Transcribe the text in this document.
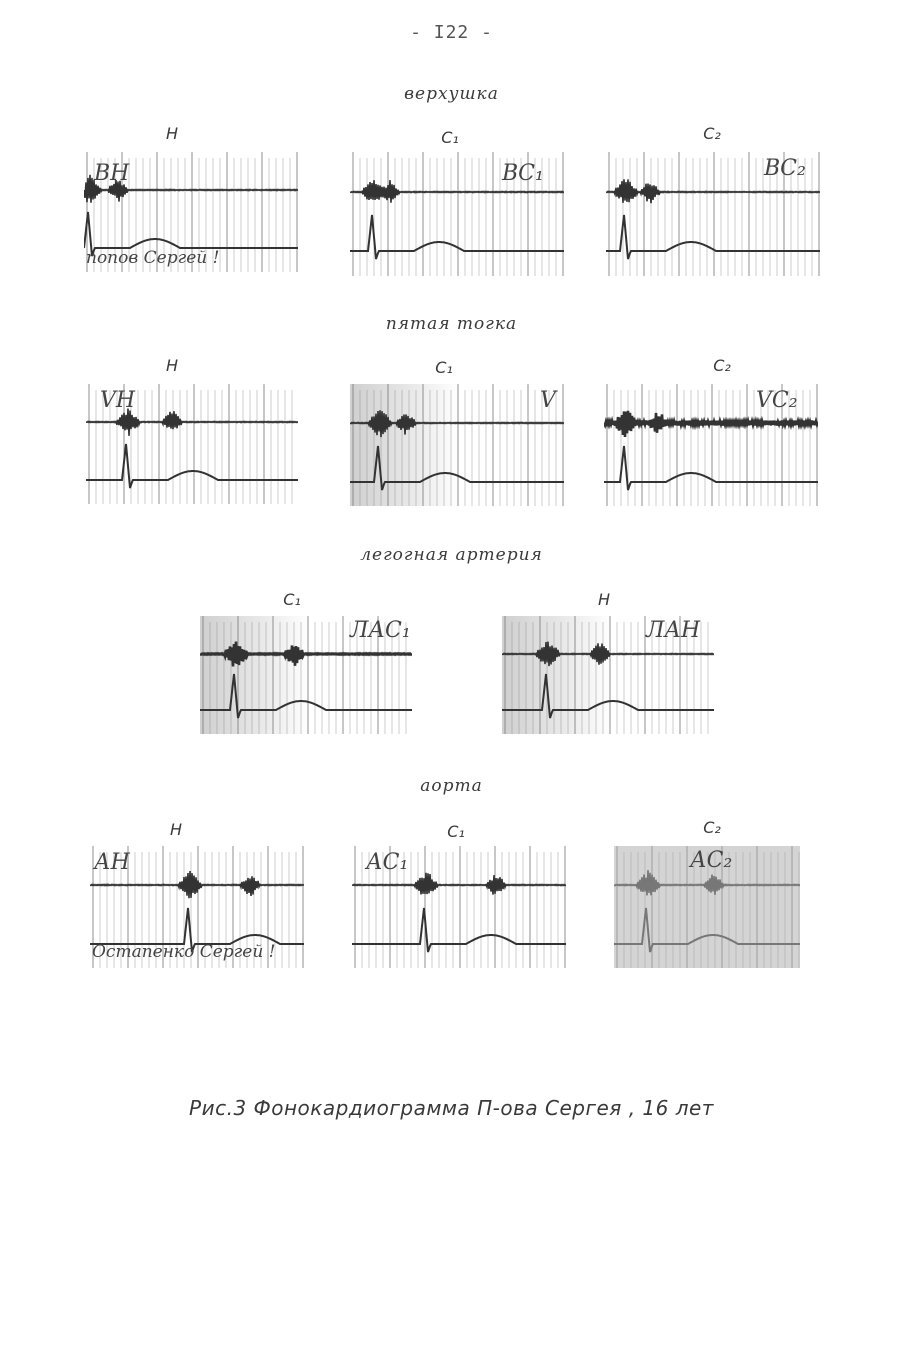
- I22 -
верхушка
Н	C₁	C₂
ВН
попов Сергей !
ВС₁	ВС₂
пятая тогка
Н	C₁	C₂
VН	V	VC₂
легогная артерия
C₁	Н
ЛАС₁	ЛАН
аорта
Н	C₁	C₂
АН
Остапенко Сергей !
АС₁	АС₂
Рис.3 Фонокардиограмма П-ова Сергея , 16 лет
